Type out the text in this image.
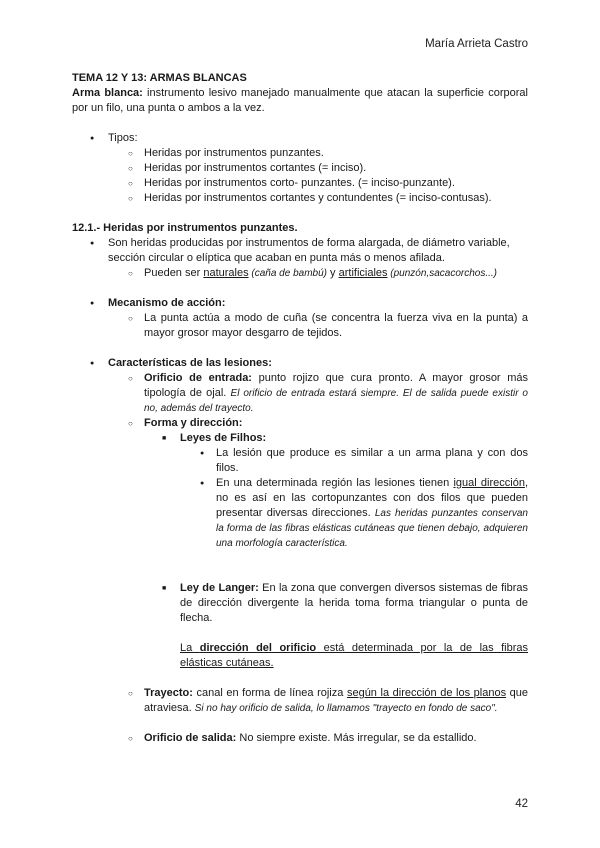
María Arrieta Castro

TEMA 12 Y 13: ARMAS BLANCAS

Arma blanca: instrumento lesivo manejado manualmente que atacan la superficie corporal por un filo, una punta o ambos a la vez.

● Tipos:

○ Heridas por instrumentos punzantes.

○ Heridas por instrumentos cortantes (= inciso).

○ Heridas por instrumentos corto- punzantes. (= inciso-punzante).

○ Heridas por instrumentos cortantes y contundentes (= inciso-contusas).

12.1.- Heridas por instrumentos punzantes.

● Son heridas producidas por instrumentos de forma alargada, de diámetro variable, sección circular o elíptica que acaban en punta más o menos afilada.

○ Pueden ser naturales (caña de bambú) y artificiales (punzón,sacacorchos...)

● Mecanismo de acción:

○ La punta actúa a modo de cuña (se concentra la fuerza viva en la punta) a mayor grosor mayor desgarro de tejidos.

● Características de las lesiones:

○ Orificio de entrada: punto rojizo que cura pronto. A mayor grosor más tipología de ojal. El orificio de entrada estará siempre. El de salida puede existir o no, además del trayecto.

○ Forma y dirección:

■ Leyes de Filhos:

● La lesión que produce es similar a un arma plana y con dos filos.

● En una determinada región las lesiones tienen igual dirección, no es así en las cortopunzantes con dos filos que pueden presentar diversas direcciones. Las heridas punzantes conservan la forma de las fibras elásticas cutáneas que tienen debajo, adquieren una morfología característica.

■ Ley de Langer: En la zona que convergen diversos sistemas de fibras de dirección divergente la herida toma forma triangular o punta de flecha.

La dirección del orificio está determinada por la de las fibras elásticas cutáneas.

○ Trayecto: canal en forma de línea rojiza según la dirección de los planos que atraviesa. Si no hay orificio de salida, lo llamamos "trayecto en fondo de saco".

○ Orificio de salida: No siempre existe. Más irregular, se da estallido.

42
